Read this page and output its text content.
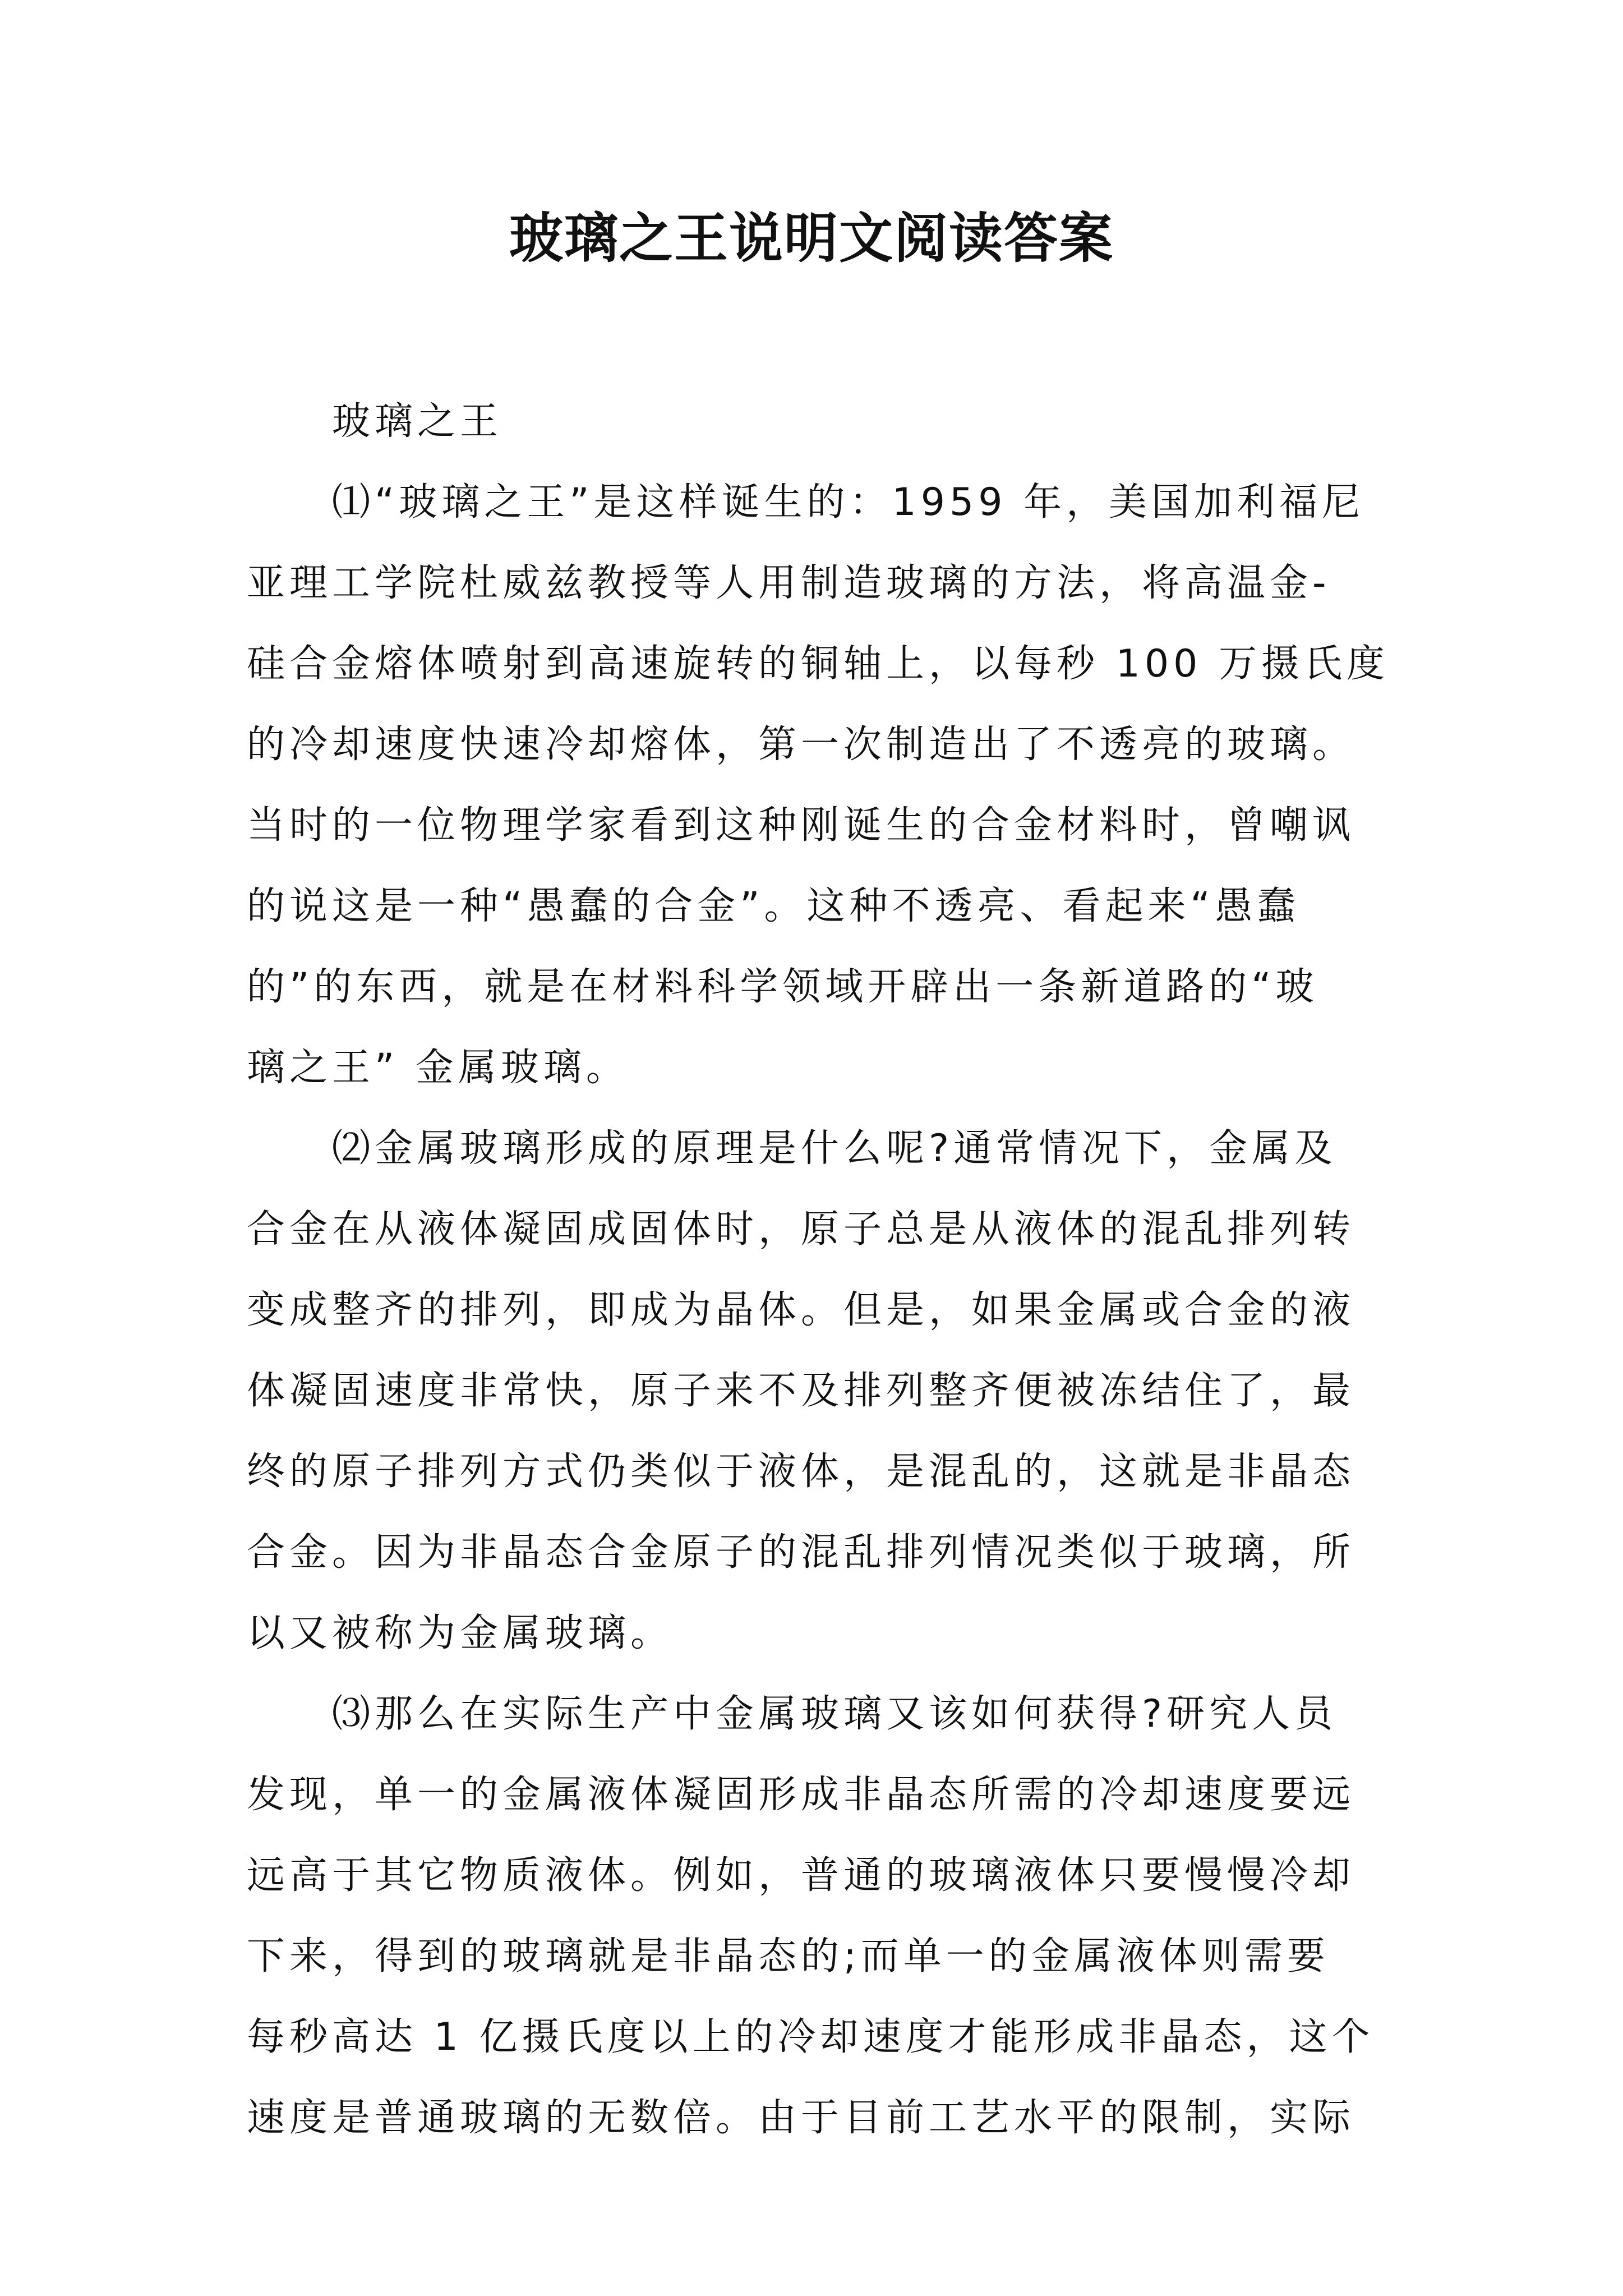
玻璃之王说明文阅读答案
玻璃之王
⑴“玻璃之王”是这样诞生的：1959 年，美国加利福尼
亚理工学院杜威兹教授等人用制造玻璃的方法，将高温金-
硅合金熔体喷射到高速旋转的铜轴上，以每秒 100 万摄氏度
的冷却速度快速冷却熔体，第一次制造出了不透亮的玻璃。
当时的一位物理学家看到这种刚诞生的合金材料时，曾嘲讽
的说这是一种“愚蠢的合金”。这种不透亮、看起来“愚蠢
的”的东西，就是在材料科学领域开辟出一条新道路的“玻
璃之王” 金属玻璃。
⑵金属玻璃形成的原理是什么呢?通常情况下，金属及
合金在从液体凝固成固体时，原子总是从液体的混乱排列转
变成整齐的排列，即成为晶体。但是，如果金属或合金的液
体凝固速度非常快，原子来不及排列整齐便被冻结住了，最
终的原子排列方式仍类似于液体，是混乱的，这就是非晶态
合金。因为非晶态合金原子的混乱排列情况类似于玻璃，所
以又被称为金属玻璃。
⑶那么在实际生产中金属玻璃又该如何获得?研究人员
发现，单一的金属液体凝固形成非晶态所需的冷却速度要远
远高于其它物质液体。例如，普通的玻璃液体只要慢慢冷却
下来，得到的玻璃就是非晶态的;而单一的金属液体则需要
每秒高达 1 亿摄氏度以上的冷却速度才能形成非晶态，这个
速度是普通玻璃的无数倍。由于目前工艺水平的限制，实际
